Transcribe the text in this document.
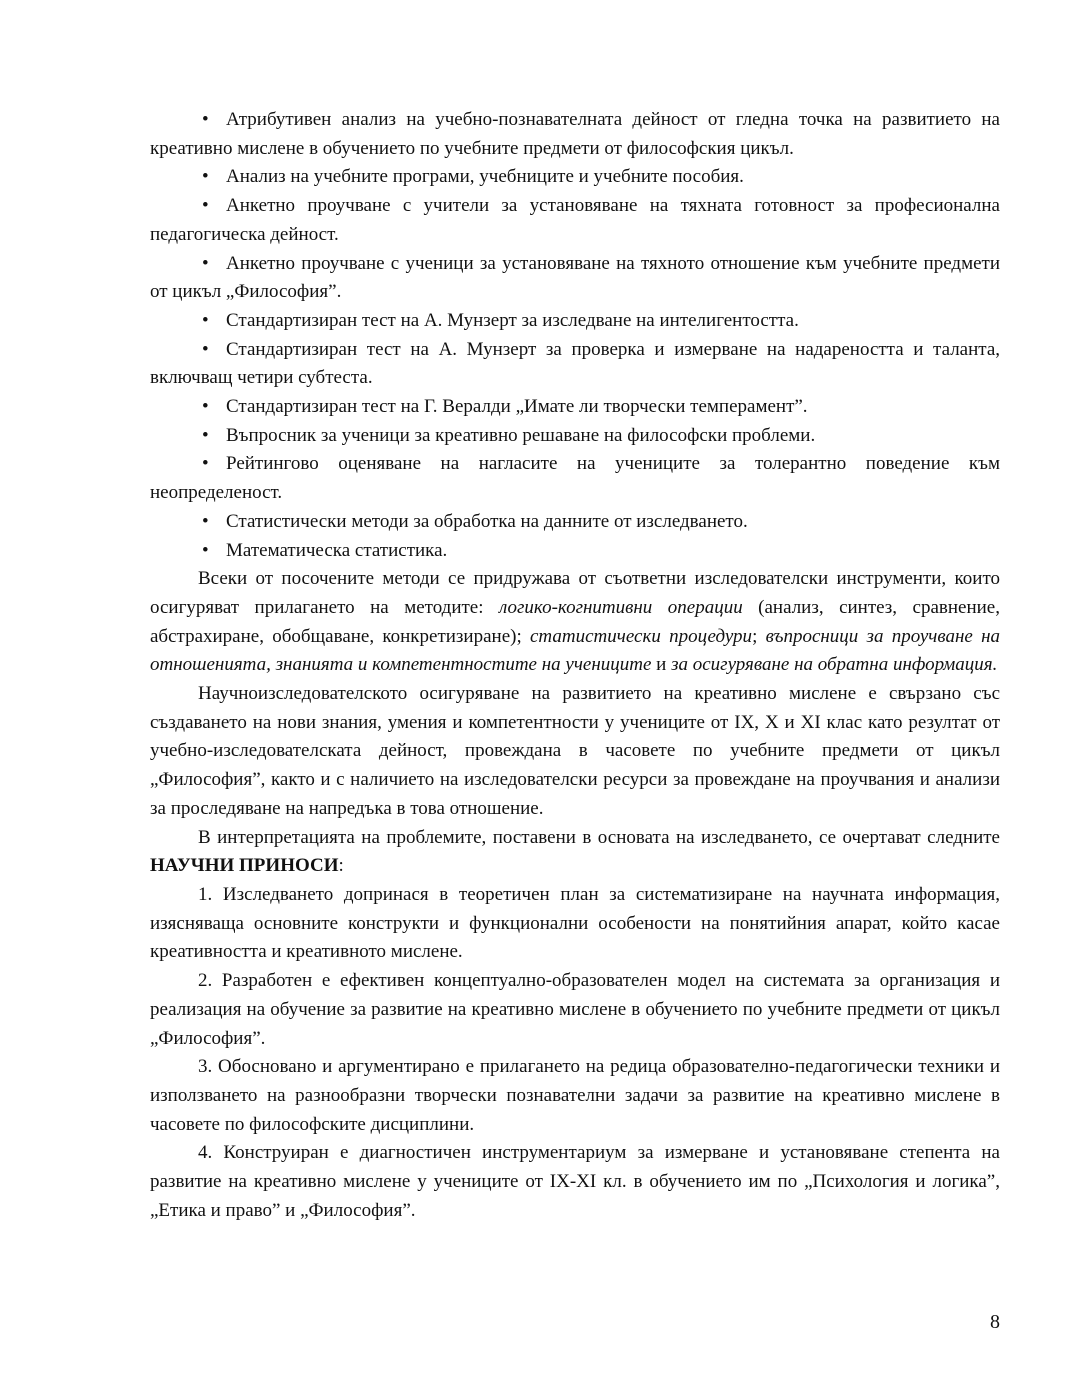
• Атрибутивен анализ на учебно-познавателната дейност от гледна точка на развитието на креативно мислене в обучението по учебните предмети от философския цикъл.

• Анализ на учебните програми, учебниците и учебните пособия.

• Анкетно проучване с учители за установяване на тяхната готовност за професионална педагогическа дейност.

• Анкетно проучване с ученици за установяване на тяхното отношение към учебните предмети от цикъл „Философия”.

• Стандартизиран тест на А. Мунзерт за изследване на интелигентостта.

• Стандартизиран тест на А. Мунзерт за проверка и измерване на надареността и таланта, включващ четири субтеста.

• Стандартизиран тест на Г. Вералди „Имате ли творчески темперамент”.

• Въпросник за ученици за креативно решаване на философски проблеми.

• Рейтингово оценяване на нагласите на учениците за толерантно поведение към неопределеност.

• Статистически методи за обработка на данните от изследването.

• Математическа статистика.

Всеки от посочените методи се придружава от съответни изследователски инструменти, които осигуряват прилагането на методите: логико-когнитивни операции (анализ, синтез, сравнение, абстрахиране, обобщаване, конкретизиране); статистически процедури; въпросници за проучване на отношенията, знанията и компетентностите на учениците и за осигуряване на обратна информация.

Научноизследователското осигуряване на развитието на креативно мислене е свързано със създаването на нови знания, умения и компетентности у учениците от IX, X и XI клас като резултат от учебно-изследователската дейност, провеждана в часовете по учебните предмети от цикъл „Философия”, както и с наличието на изследователски ресурси за провеждане на проучвания и анализи за проследяване на напредъка в това отношение.

В интерпретацията на проблемите, поставени в основата на изследването, се очертават следните НАУЧНИ ПРИНОСИ:

1. Изследването допринася в теоретичен план за систематизиране на научната информация, изясняваща основните конструкти и функционални особености на понятийния апарат, който касае креативността и креативното мислене.

2. Разработен е ефективен концептуално-образователен модел на системата за организация и реализация на обучение за развитие на креативно мислене в обучението по учебните предмети от цикъл „Философия”.

3. Обосновано и аргументирано е прилагането на редица образователно-педагогически техники и използването на разнообразни творчески познавателни задачи за развитие на креативно мислене в часовете по философските дисциплини.

4. Конструиран е диагностичен инструментариум за измерване и установяване степента на развитие на креативно мислене у учениците от IX-XI кл. в обучението им по „Психология и логика”, „Етика и право” и „Философия”.

8
